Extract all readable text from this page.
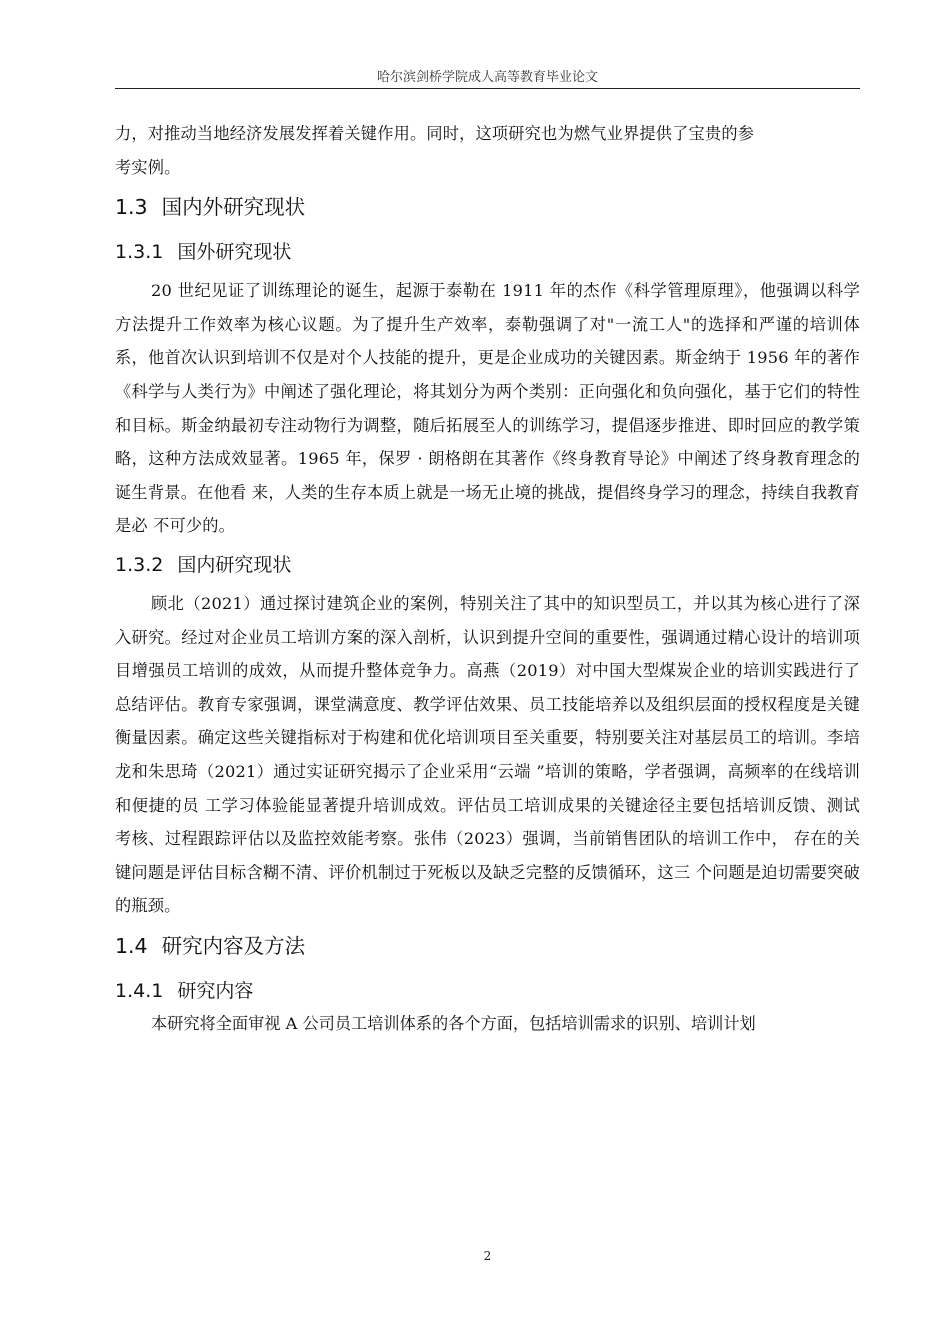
哈尔滨剑桥学院成人高等教育毕业论文

力，对推动当地经济发展发挥着关键作用。同时，这项研究也为燃气业界提供了宝贵的参

考实例。

1.3 国内外研究现状
1.3.1 国外研究现状

20 世纪见证了训练理论的诞生，起源于泰勒在 1911 年的杰作《科学管理原理》，他强调以科学方法提升工作效率为核心议题。为了提升生产效率，泰勒强调了对"一流工人"的选择和严谨的培训体系，他首次认识到培训不仅是对个人技能的提升，更是企业成功的关键因素。斯金纳于 1956 年的著作《科学与人类行为》中阐述了强化理论，将其划分为两个类别：正向强化和负向强化，基于它们的特性和目标。斯金纳最初专注动物行为调整，随后拓展至人的训练学习，提倡逐步推进、即时回应的教学策略，这种方法成效显著。1965 年，保罗 · 朗格朗在其著作《终身教育导论》中阐述了终身教育理念的诞生背景。在他看 来，人类的生存本质上就是一场无止境的挑战，提倡终身学习的理念，持续自我教育是必 不可少的。

1.3.2 国内研究现状

顾北（2021）通过探讨建筑企业的案例，特别关注了其中的知识型员工，并以其为核心进行了深入研究。经过对企业员工培训方案的深入剖析，认识到提升空间的重要性，强调通过精心设计的培训项目增强员工培训的成效，从而提升整体竞争力。高燕（2019）对中国大型煤炭企业的培训实践进行了总结评估。教育专家强调，课堂满意度、教学评估效果、员工技能培养以及组织层面的授权程度是关键衡量因素。确定这些关键指标对于构建和优化培训项目至关重要，特别要关注对基层员工的培训。李培龙和朱思琦（2021）通过实证研究揭示了企业采用“云端 ”培训的策略，学者强调，高频率的在线培训和便捷的员 工学习体验能显著提升培训成效。评估员工培训成果的关键途径主要包括培训反馈、测试 考核、过程跟踪评估以及监控效能考察。张伟（2023）强调，当前销售团队的培训工作中， 存在的关键问题是评估目标含糊不清、评价机制过于死板以及缺乏完整的反馈循环，这三 个问题是迫切需要突破的瓶颈。

1.4 研究内容及方法
1.4.1 研究内容

本研究将全面审视 A 公司员工培训体系的各个方面，包括培训需求的识别、培训计划

2
